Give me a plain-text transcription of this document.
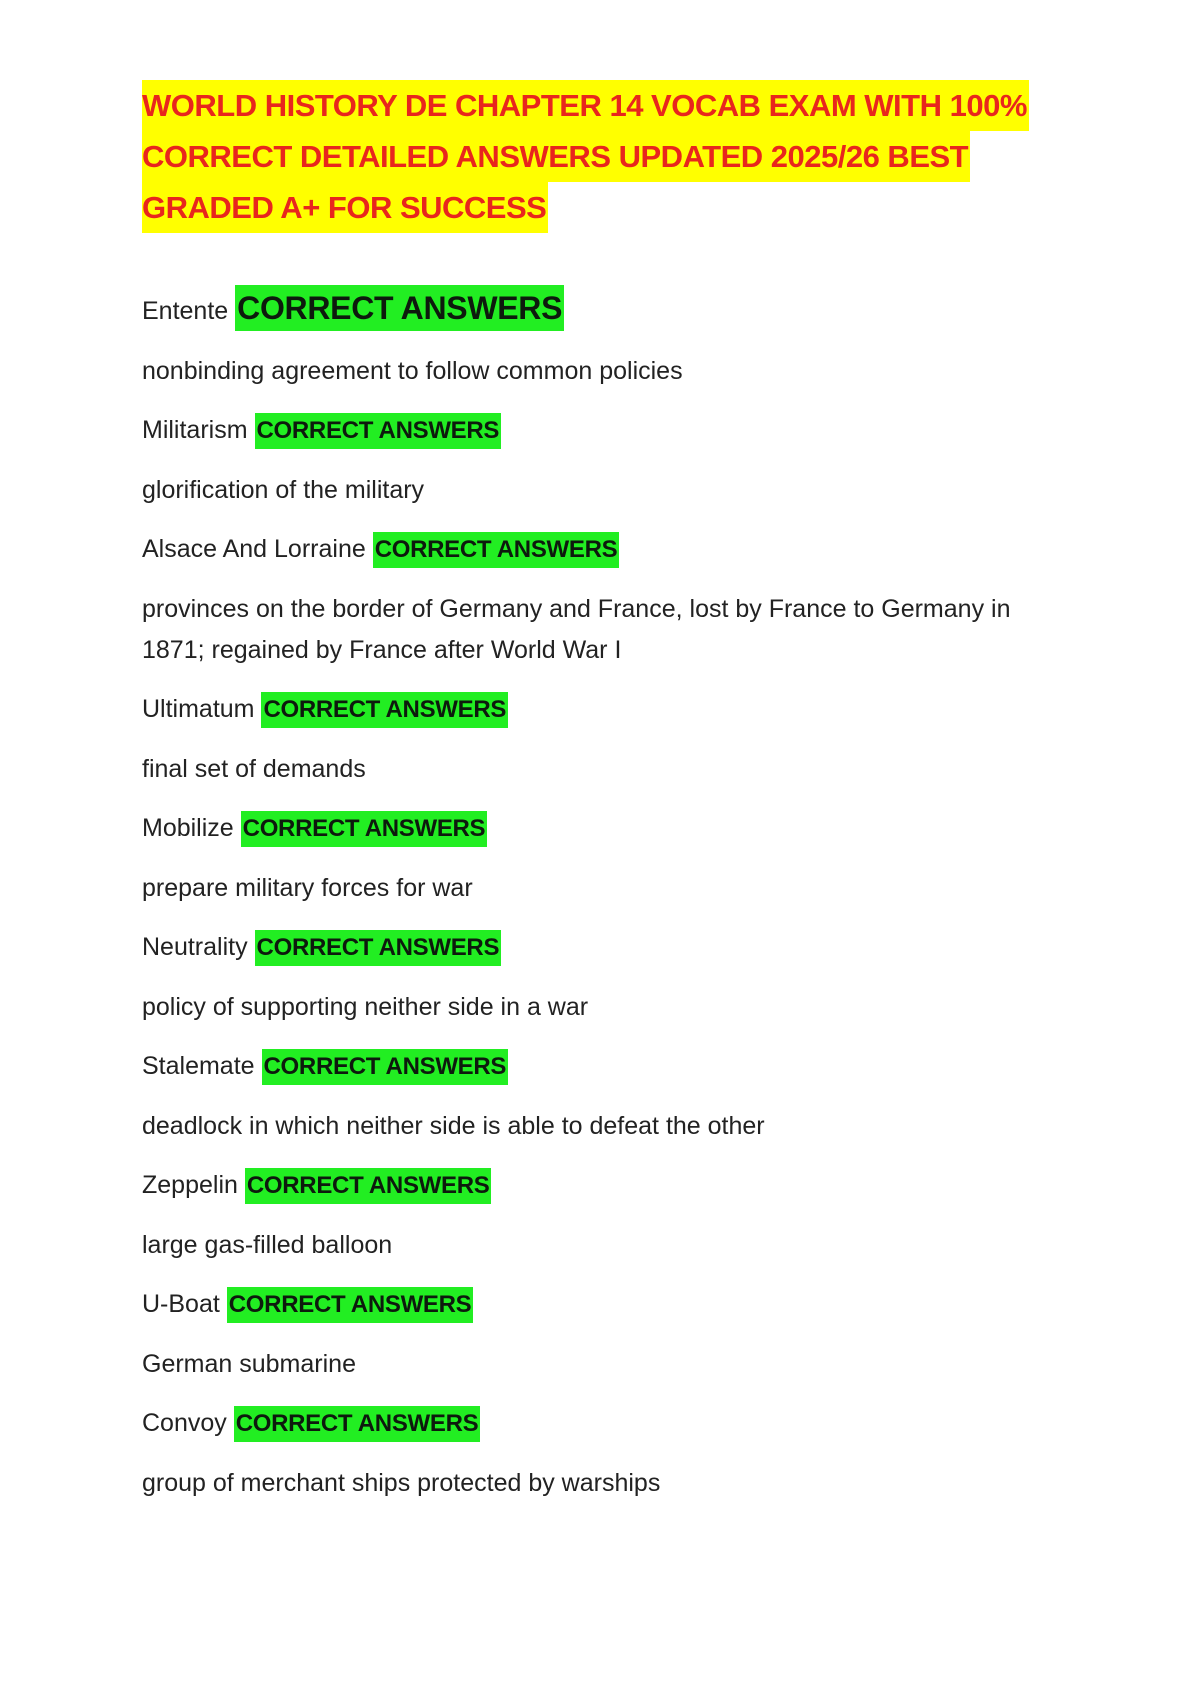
WORLD HISTORY DE CHAPTER 14 VOCAB EXAM WITH 100%
CORRECT DETAILED ANSWERS UPDATED 2025/26 BEST
GRADED A+ FOR SUCCESS
Entente CORRECT ANSWERS
nonbinding agreement to follow common policies
Militarism CORRECT ANSWERS
glorification of the military
Alsace And Lorraine CORRECT ANSWERS
provinces on the border of Germany and France, lost by France to Germany in 1871; regained by France after World War I
Ultimatum CORRECT ANSWERS
final set of demands
Mobilize CORRECT ANSWERS
prepare military forces for war
Neutrality CORRECT ANSWERS
policy of supporting neither side in a war
Stalemate CORRECT ANSWERS
deadlock in which neither side is able to defeat the other
Zeppelin CORRECT ANSWERS
large gas-filled balloon
U-Boat CORRECT ANSWERS
German submarine
Convoy CORRECT ANSWERS
group of merchant ships protected by warships
